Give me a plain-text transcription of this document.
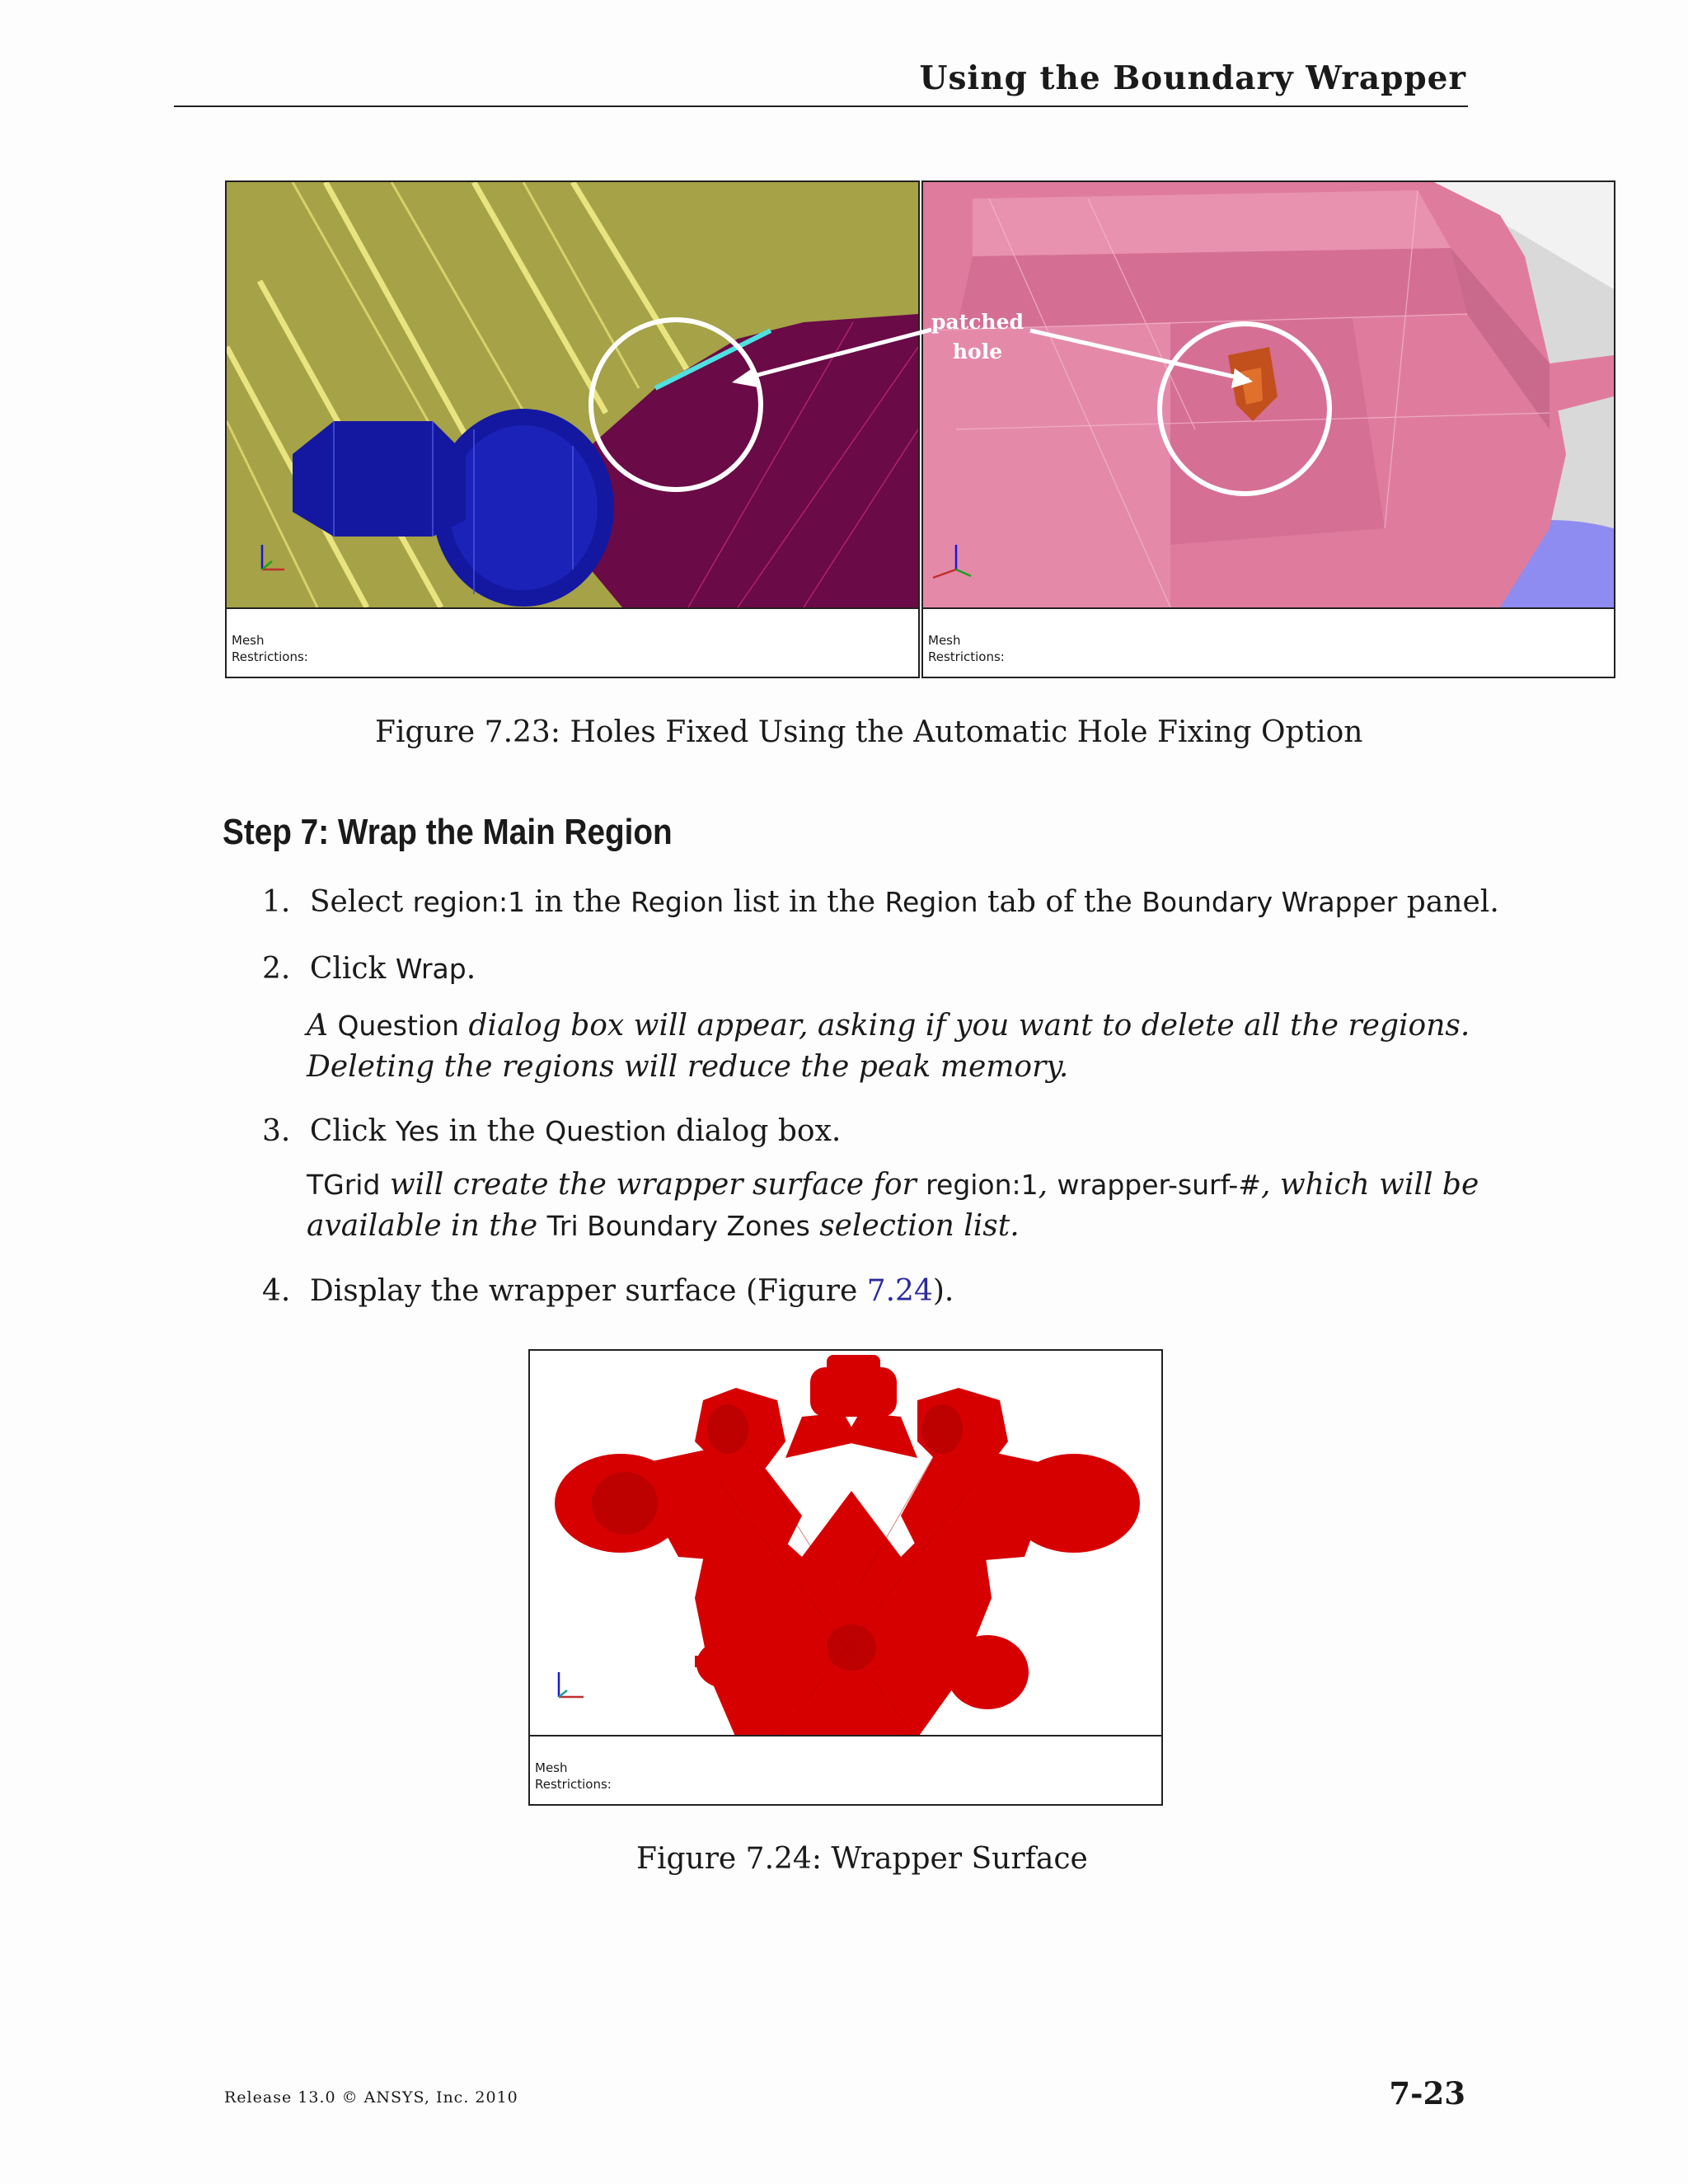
Using the Boundary Wrapper
Mesh
Restrictions:
patched
hole
Mesh
Restrictions:
Figure 7.23: Holes Fixed Using the Automatic Hole Fixing Option
Step 7: Wrap the Main Region
1. Select region:1 in the Region list in the Region tab of the Boundary Wrapper panel.
2. Click Wrap.
A Question dialog box will appear, asking if you want to delete all the regions.
Deleting the regions will reduce the peak memory.
3. Click Yes in the Question dialog box.
TGrid will create the wrapper surface for region:1, wrapper-surf-#, which will be
available in the Tri Boundary Zones selection list.
4. Display the wrapper surface (Figure 7.24).
Mesh
Restrictions:
Figure 7.24: Wrapper Surface
Release 13.0 © ANSYS, Inc. 2010	7-23
